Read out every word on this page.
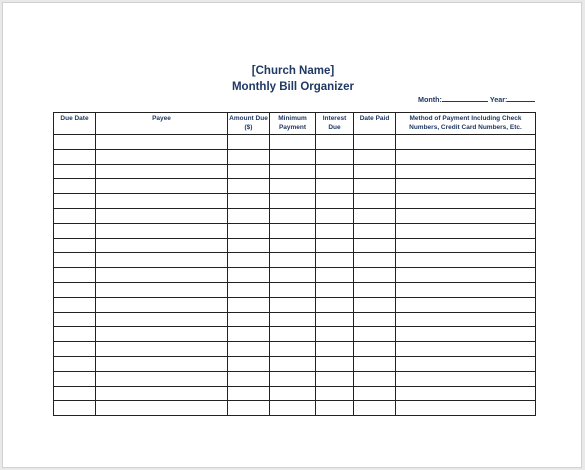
[Church Name]
Monthly Bill Organizer
Month:	Year:
Due Date	Payee	Amount Due ($)	Minimum Payment	Interest Due	Date Paid	Method of Payment Including Check Numbers, Credit Card Numbers, Etc.
